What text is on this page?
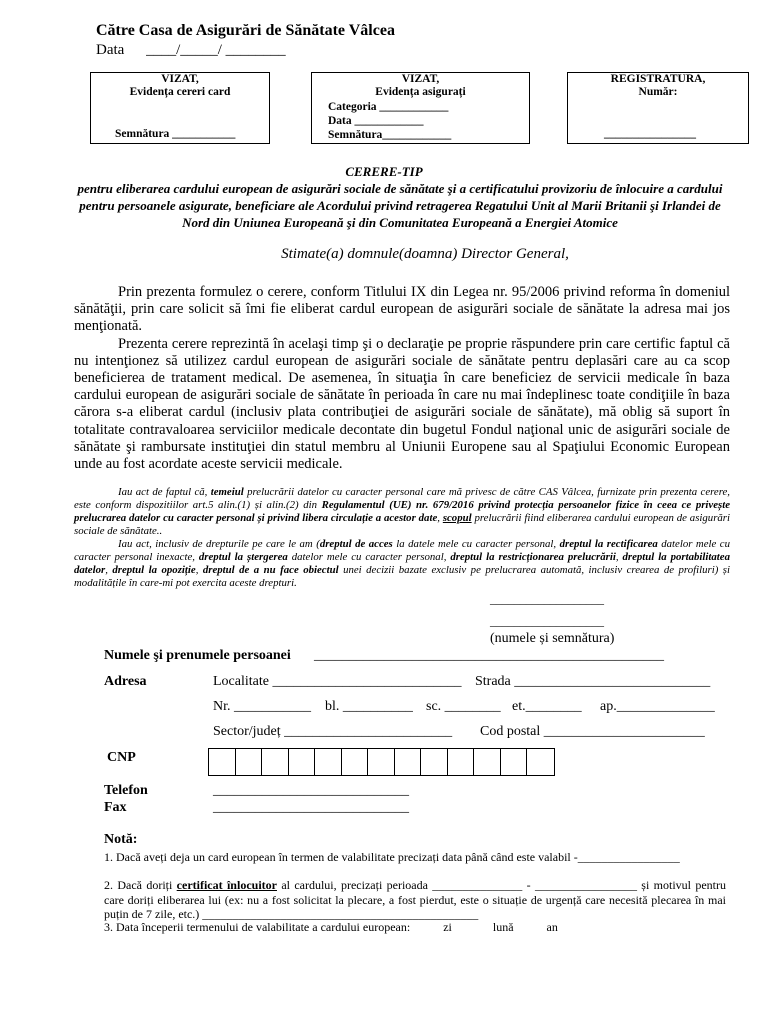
Către Casa de Asigurări de Sănătate Vâlcea
Data ____/_____/ ________
VIZAT,
Evidența cereri card
Semnătura ___________
VIZAT,
Evidența asigurați
Categoria ____________
Data ____________
Semnătura____________
REGISTRATURA,
Număr:
________________
CERERE-TIP
pentru eliberarea cardului european de asigurări sociale de sănătate şi a certificatului provizoriu de înlocuire a cardului pentru persoanele asigurate, beneficiare ale Acordului privind retragerea Regatului Unit al Marii Britanii şi Irlandei de Nord din Uniunea Europeană şi din Comunitatea Europeană a Energiei Atomice
Stimate(a) domnule(doamna) Director General,

Prin prezenta formulez o cerere, conform Titlului IX din Legea nr. 95/2006 privind reforma în domeniul sănătăţii, prin care solicit să îmi fie eliberat cardul european de asigurări sociale de sănătate la adresa mai jos menţionată.

Prezenta cerere reprezintă în acelaşi timp şi o declaraţie pe proprie răspundere prin care certific faptul că nu intenţionez să utilizez cardul european de asigurări sociale de sănătate pentru deplasări care au ca scop beneficierea de tratament medical. De asemenea, în situaţia în care beneficiez de servicii medicale în baza cardului european de asigurări sociale de sănătate în perioada în care nu mai îndeplinesc toate condiţiile în baza cărora s-a eliberat cardul (inclusiv plata contribuţiei de asigurări sociale de sănătate), mă oblig să suport în totalitate contravaloarea serviciilor medicale decontate din bugetul Fondul naţional unic de asigurări sociale de sănătate şi rambursate instituţiei din statul membru al Uniunii Europene sau al Spaţiului Economic European unde au fost acordate aceste servicii medicale.

Iau act de faptul că, temeiul prelucrării datelor cu caracter personal care mă privesc de către CAS Vâlcea, furnizate prin prezenta cerere, este conform dispozitiilor art.5 alin.(1) și alin.(2) din Regulamentul (UE) nr. 679/2016 privind protecția persoanelor fizice în ceea ce privește prelucrarea datelor cu caracter personal și privind libera circulație a acestor date, scopul prelucrării fiind eliberarea cardului european de asigurări sociale de sănătate..

Iau act, inclusiv de drepturile pe care le am (dreptul de acces la datele mele cu caracter personal, dreptul la rectificarea datelor mele cu caracter personal inexacte, dreptul la ștergerea datelor mele cu caracter personal, dreptul la restricționarea prelucrării, dreptul la portabilitatea datelor, dreptul la opoziție, dreptul de a nu face obiectul unei decizii bazate exclusiv pe prelucrarea automată, inclusiv crearea de profiluri) și modalitățile în care-mi pot exercita aceste drepturi.

___________________
___________________
(numele și semnătura)
Numele şi prenumele persoanei __________________________________________________
Adresa	Localitate ___________________________ Strada ____________________________
Nr. ___________ bl. __________ sc. ________ et.________ ap.______________
Sector/județ ________________________ Cod postal _______________________
CNP
Telefon	____________________________
Fax	____________________________
Notă:
1. Dacă aveți deja un card european în termen de valabilitate precizați data până când este valabil -_________________
2. Dacă doriți certificat înlocuitor al cardului, precizați perioada _______________ - _________________ și motivul pentru care doriți eliberarea lui (ex: nu a fost solicitat la plecare, a fost pierdut, este o situație de urgență care necesită plecarea în mai puțin de 7 zile, etc.) ______________________________________________
3. Data începerii termenului de valabilitate a cardului european:	zi	lună	an
